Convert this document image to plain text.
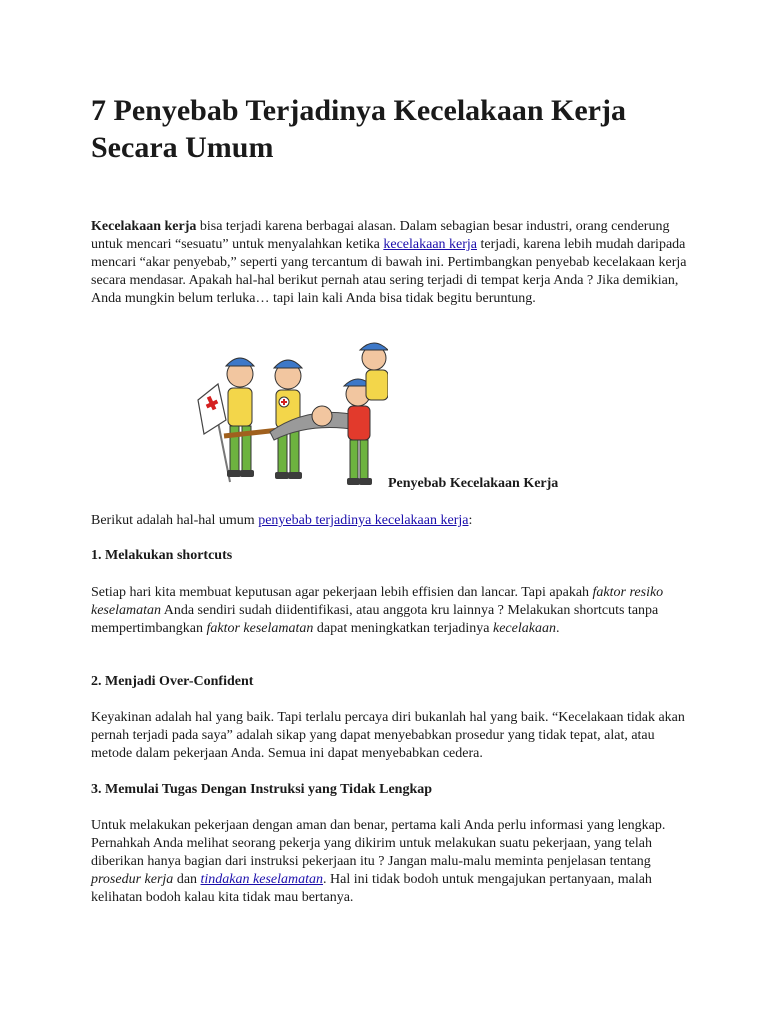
7 Penyebab Terjadinya Kecelakaan Kerja Secara Umum

Kecelakaan kerja bisa terjadi karena berbagai alasan. Dalam sebagian besar industri, orang cenderung untuk mencari “sesuatu” untuk menyalahkan ketika kecelakaan kerja terjadi, karena lebih mudah daripada mencari “akar penyebab,” seperti yang tercantum di bawah ini. Pertimbangkan penyebab kecelakaan kerja secara mendasar. Apakah hal-hal berikut pernah atau sering terjadi di tempat kerja Anda ? Jika demikian, Anda mungkin belum terluka… tapi lain kali Anda bisa tidak begitu beruntung.

Penyebab Kecelakaan Kerja

Berikut adalah hal-hal umum penyebab terjadinya kecelakaan kerja:

1. Melakukan shortcuts

Setiap hari kita membuat keputusan agar pekerjaan lebih effisien dan lancar. Tapi apakah faktor resiko keselamatan Anda sendiri sudah diidentifikasi, atau anggota kru lainnya ? Melakukan shortcuts tanpa mempertimbangkan faktor keselamatan dapat meningkatkan terjadinya kecelakaan.

2. Menjadi Over-Confident

Keyakinan adalah hal yang baik. Tapi terlalu percaya diri bukanlah hal yang baik. “Kecelakaan tidak akan pernah terjadi pada saya” adalah sikap yang dapat menyebabkan prosedur yang tidak tepat, alat, atau metode dalam pekerjaan Anda. Semua ini dapat menyebabkan cedera.

3. Memulai Tugas Dengan Instruksi yang Tidak Lengkap

Untuk melakukan pekerjaan dengan aman dan benar, pertama kali Anda perlu informasi yang lengkap. Pernahkah Anda melihat seorang pekerja yang dikirim untuk melakukan suatu pekerjaan, yang telah diberikan hanya bagian dari instruksi pekerjaan itu ? Jangan malu-malu meminta penjelasan tentang prosedur kerja dan tindakan keselamatan. Hal ini tidak bodoh untuk mengajukan pertanyaan, malah kelihatan bodoh kalau kita tidak mau bertanya.
